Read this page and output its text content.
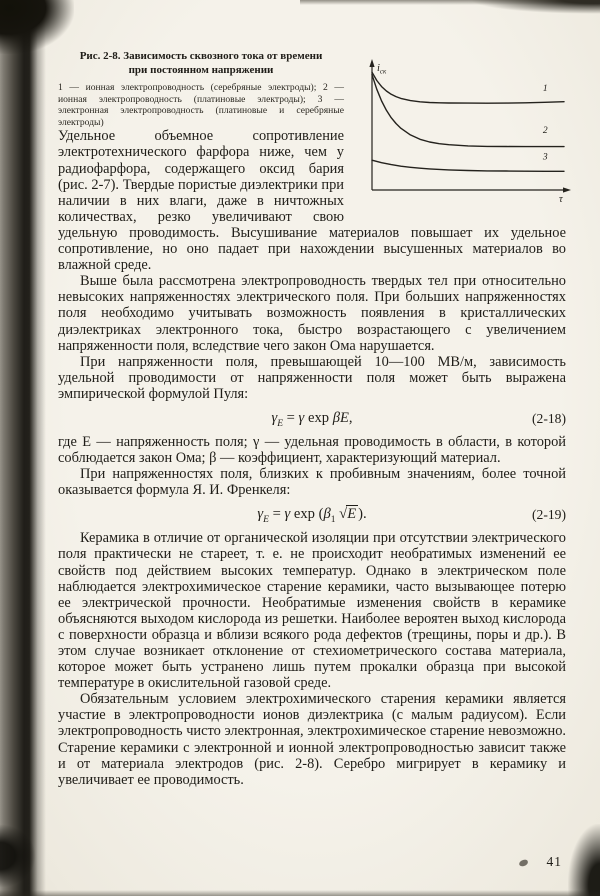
$i_{ск}$
τ
1
2
3
Рис. 2-8. Зависимость сквозного тока от времени
при постоянном напряжении
1 — ионная электропроводность (серебряные электроды); 2 — ионная электропроводность (платиновые электроды); 3 — электронная электропроводность (платиновые и серебряные электроды)

Удельное объемное сопротивление электротехнического фарфора ниже, чем у радиофарфора, содержащего оксид бария (рис. 2-7). Твердые пористые диэлектрики при наличии в них влаги, даже в ничтожных количествах, резко увеличивают свою удельную проводимость. Высушивание материалов повышает их удельное сопротивление, но оно падает при нахождении высушенных материалов во влажной среде.

Выше была рассмотрена электропроводность твердых тел при относительно невысоких напряженностях электрического поля. При больших напряженностях поля необходимо учитывать возможность появления в кристаллических диэлектриках электронного тока, быстро возрастающего с увеличением напряженности поля, вследствие чего закон Ома нарушается.

При напряженности поля, превышающей 10—100 МВ/м, зависимость удельной проводимости от напряженности поля может быть выражена эмпирической формулой Пуля:

$\gamma_E = \gamma$ exp βE,	(2-18)

где E — напряженность поля; γ — удельная проводимость в области, в которой соблюдается закон Ома; β — коэффициент, характеризующий материал.

При напряженностях поля, близких к пробивным значениям, более точной оказывается формула Я. И. Френкеля:

$\gamma_E = \gamma$ $\exp (\beta_1$ √E ).	(2-19)

Керамика в отличие от органической изоляции при отсутствии электрического поля практически не стареет, т. е. не происходит необратимых изменений ее свойств под действием высоких температур. Однако в электрическом поле наблюдается электрохимическое старение керамики, часто вызывающее потерю ее электрической прочности. Необратимые изменения свойств в керамике объясняются выходом кислорода из решетки. Наиболее вероятен выход кислорода с поверхности образца и вблизи всякого рода дефектов (трещины, поры и др.). В этом случае возникает отклонение от стехиометрического состава материала, которое может быть устранено лишь путем прокалки образца при высокой температуре в окислительной газовой среде.

Обязательным условием электрохимического старения керамики является участие в электропроводности ионов диэлектрика (с малым радиусом). Если электропроводность чисто электронная, электрохимическое старение невозможно. Старение керамики с электронной и ионной электропроводностью зависит также и от материала электродов (рис. 2-8). Серебро мигрирует в керамику и увеличивает ее проводимость.

41
